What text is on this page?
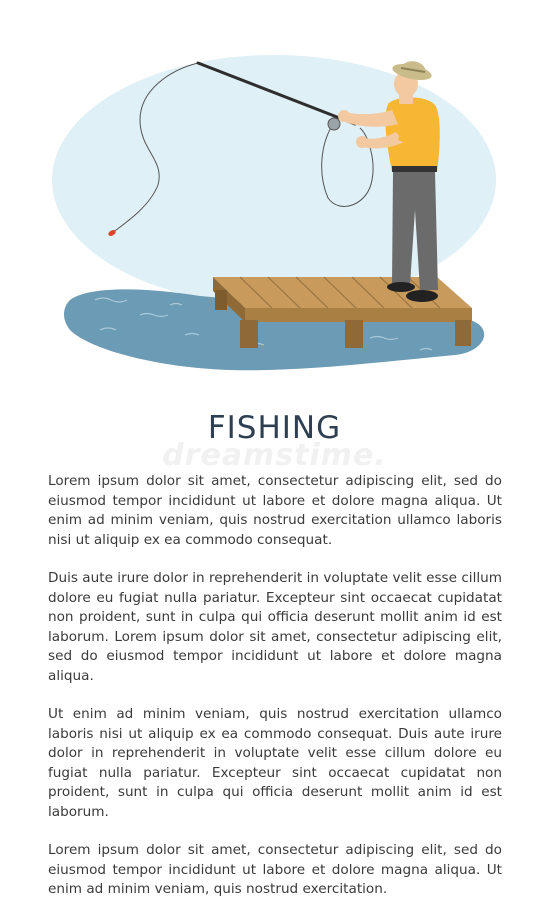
FISHING
dreamstime.

Lorem ipsum dolor sit amet, consectetur adipiscing elit, sed do eiusmod tempor incididunt ut labore et dolore magna aliqua. Ut enim ad minim veniam, quis nostrud exercitation ullamco laboris nisi ut aliquip ex ea commodo consequat.

Duis aute irure dolor in reprehenderit in voluptate velit esse cillum dolore eu fugiat nulla pariatur. Excepteur sint occaecat cupidatat non proident, sunt in culpa qui officia deserunt mollit anim id est laborum. Lorem ipsum dolor sit amet, consectetur adipiscing elit, sed do eiusmod tempor incididunt ut labore et dolore magna aliqua.

Ut enim ad minim veniam, quis nostrud exercitation ullamco laboris nisi ut aliquip ex ea commodo consequat. Duis aute irure dolor in reprehenderit in voluptate velit esse cillum dolore eu fugiat nulla pariatur. Excepteur sint occaecat cupidatat non proident, sunt in culpa qui officia deserunt mollit anim id est laborum.

Lorem ipsum dolor sit amet, consectetur adipiscing elit, sed do eiusmod tempor incididunt ut labore et dolore magna aliqua. Ut enim ad minim veniam, quis nostrud exercitation.
